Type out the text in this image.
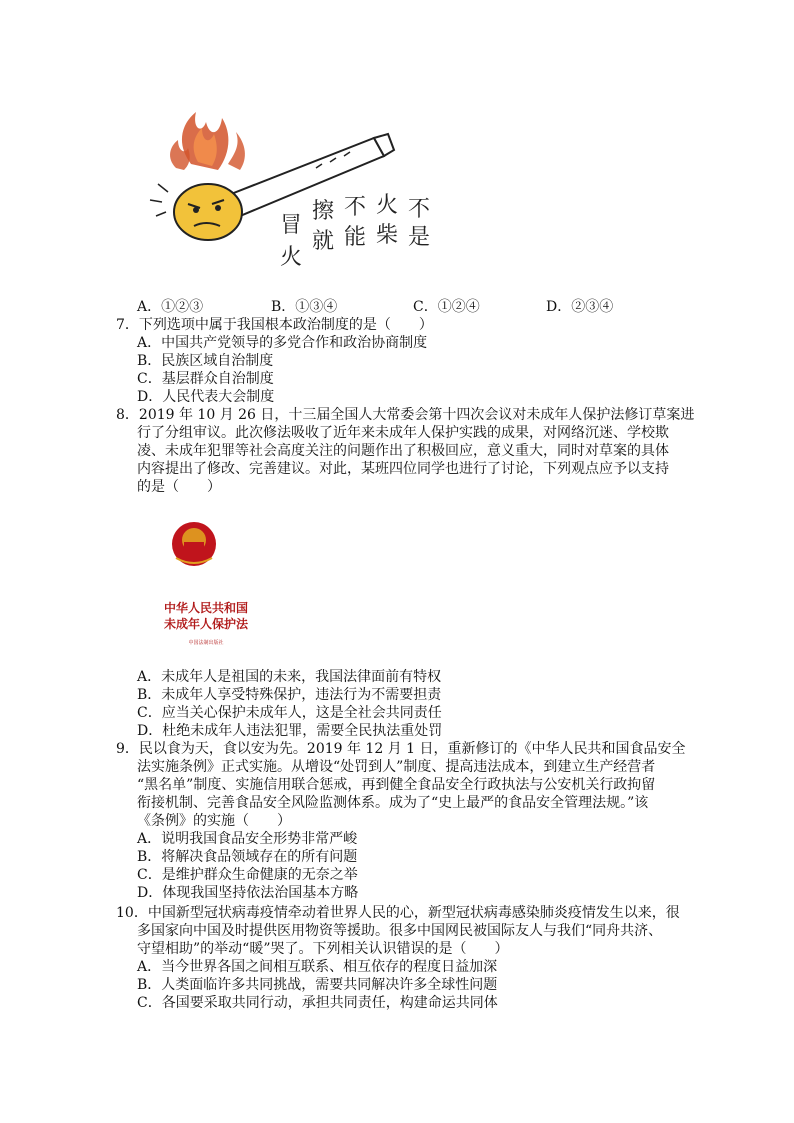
不
是
火
柴
不
能
擦
就
冒
火
A．①②③	B．①③④	C．①②④	D．②③④
7．下列选项中属于我国根本政治制度的是（　　）
A．中国共产党领导的多党合作和政治协商制度
B．民族区域自治制度
C．基层群众自治制度
D．人民代表大会制度
8．2019 年 10 月 26 日，十三届全国人大常委会第十四次会议对未成年人保护法修订草案进
行了分组审议。此次修法吸收了近年来未成年人保护实践的成果，对网络沉迷、学校欺
凌、未成年犯罪等社会高度关注的问题作出了积极回应，意义重大，同时对草案的具体
内容提出了修改、完善建议。对此，某班四位同学也进行了讨论，下列观点应予以支持
的是（　　）
中华人民共和国
未成年人保护法
中国法制出版社
A．未成年人是祖国的未来，我国法律面前有特权
B．未成年人享受特殊保护，违法行为不需要担责
C．应当关心保护未成年人，这是全社会共同责任
D．杜绝未成年人违法犯罪，需要全民执法重处罚
9．民以食为天，食以安为先。2019 年 12 月 1 日，重新修订的《中华人民共和国食品安全
法实施条例》正式实施。从增设“处罚到人”制度、提高违法成本，到建立生产经营者
“黑名单”制度、实施信用联合惩戒，再到健全食品安全行政执法与公安机关行政拘留
衔接机制、完善食品安全风险监测体系。成为了“史上最严的食品安全管理法规。”该
《条例》的实施（　　）
A．说明我国食品安全形势非常严峻
B．将解决食品领域存在的所有问题
C．是维护群众生命健康的无奈之举
D．体现我国坚持依法治国基本方略
10．中国新型冠状病毒疫情牵动着世界人民的心，新型冠状病毒感染肺炎疫情发生以来，很
多国家向中国及时提供医用物资等援助。很多中国网民被国际友人与我们“同舟共济、
守望相助”的举动“暖”哭了。下列相关认识错误的是（　　）
A．当今世界各国之间相互联系、相互依存的程度日益加深
B．人类面临许多共同挑战，需要共同解决许多全球性问题
C．各国要采取共同行动，承担共同责任，构建命运共同体
